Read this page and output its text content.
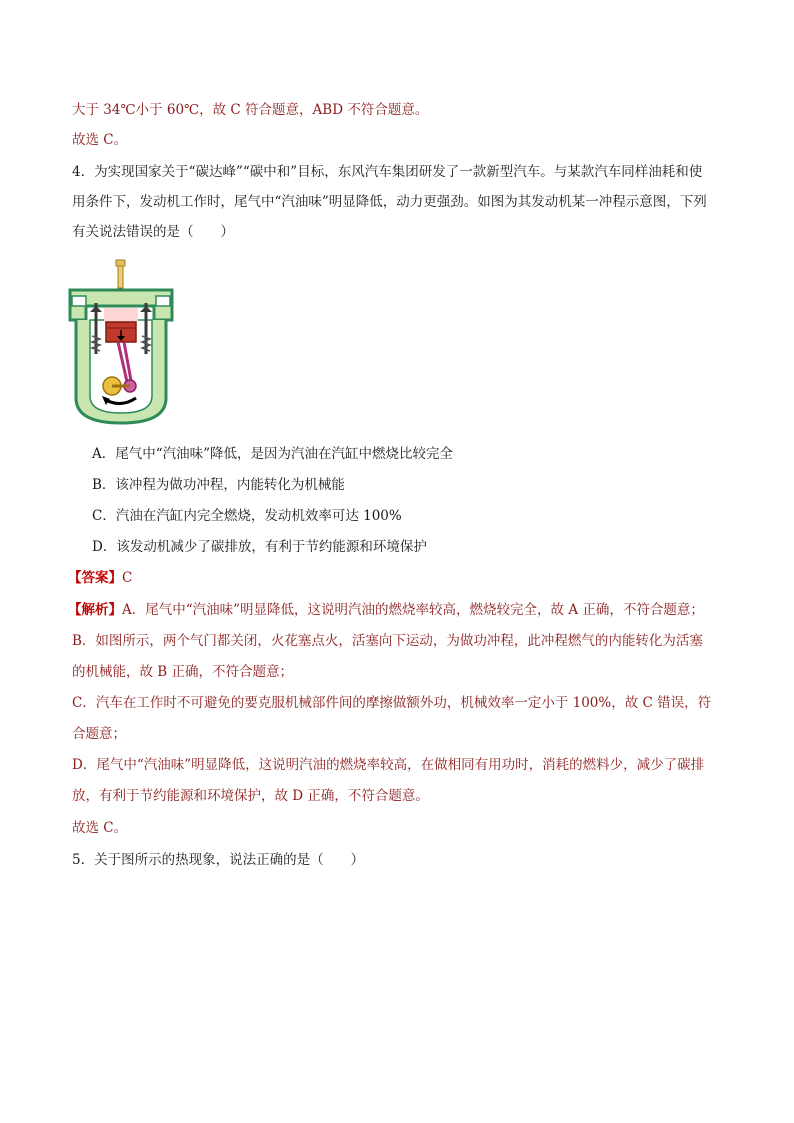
大于 34℃小于 60℃，故 C 符合题意，ABD 不符合题意。
故选 C。
4．为实现国家关于“碳达峰”“碳中和”目标，东风汽车集团研发了一款新型汽车。与某款汽车同样油耗和使
用条件下，发动机工作时，尾气中“汽油味”明显降低，动力更强劲。如图为其发动机某一冲程示意图，下列
有关说法错误的是（　　）
A．尾气中“汽油味”降低，是因为汽油在汽缸中燃烧比较完全
B．该冲程为做功冲程，内能转化为机械能
C．汽油在汽缸内完全燃烧，发动机效率可达 100%
D．该发动机减少了碳排放，有利于节约能源和环境保护
【答案】C
【解析】A．尾气中“汽油味”明显降低，这说明汽油的燃烧率较高，燃烧较完全，故 A 正确，不符合题意；
B．如图所示，两个气门都关闭，火花塞点火，活塞向下运动，为做功冲程，此冲程燃气的内能转化为活塞
的机械能，故 B 正确，不符合题意；
C．汽车在工作时不可避免的要克服机械部件间的摩擦做额外功，机械效率一定小于 100%，故 C 错误，符
合题意；
D．尾气中“汽油味”明显降低，这说明汽油的燃烧率较高，在做相同有用功时，消耗的燃料少，减少了碳排
放，有利于节约能源和环境保护，故 D 正确，不符合题意。
故选 C。
5．关于图所示的热现象，说法正确的是（　　）
